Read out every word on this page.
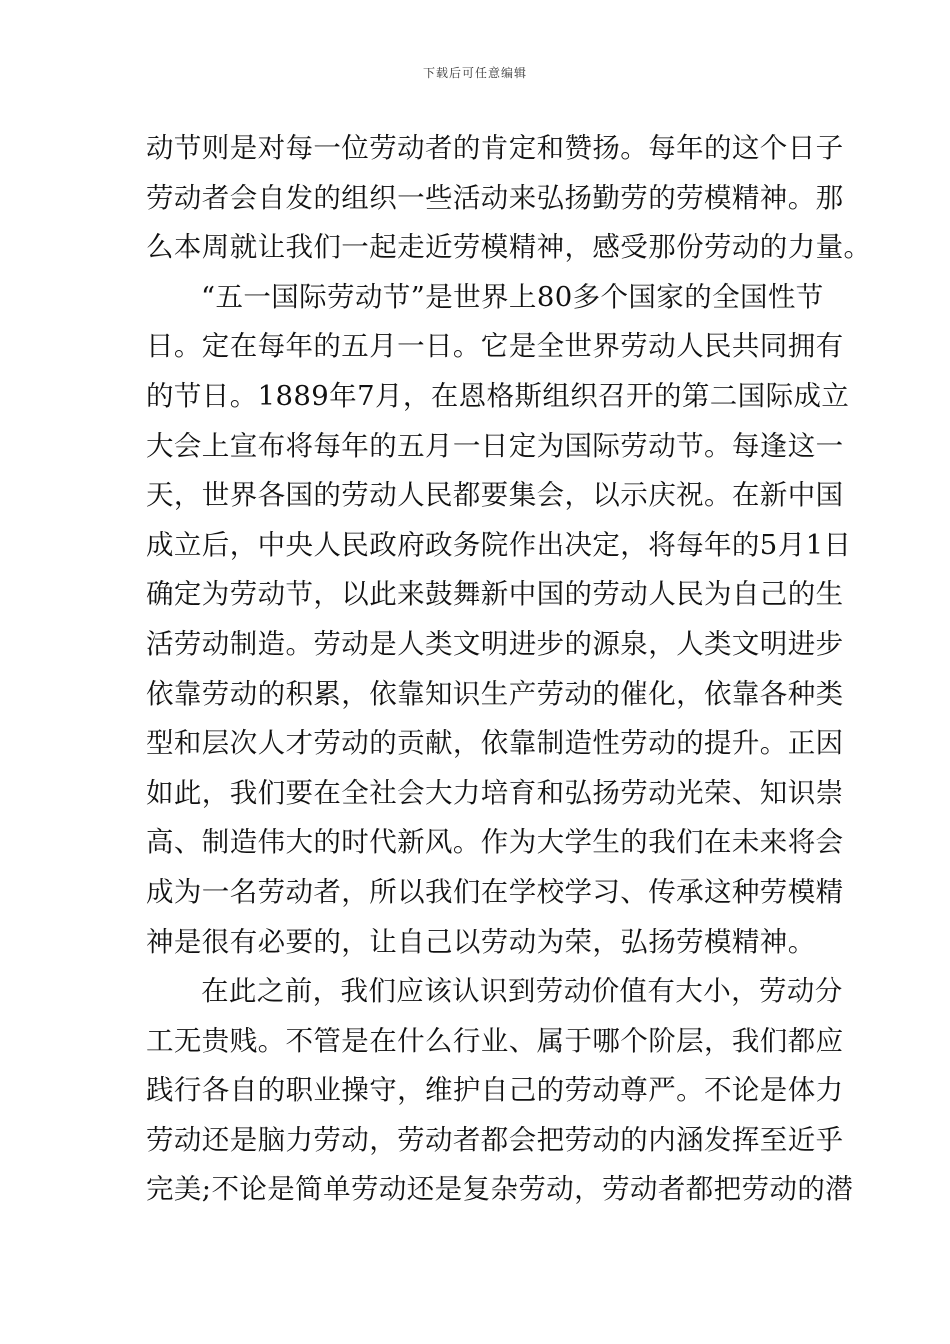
下载后可任意编辑
动节则是对每一位劳动者的肯定和赞扬。每年的这个日子
劳动者会自发的组织一些活动来弘扬勤劳的劳模精神。那
么本周就让我们一起走近劳模精神，感受那份劳动的力量。
“五一国际劳动节”是世界上80多个国家的全国性节
日。定在每年的五月一日。它是全世界劳动人民共同拥有
的节日。1889年7月，在恩格斯组织召开的第二国际成立
大会上宣布将每年的五月一日定为国际劳动节。每逢这一
天，世界各国的劳动人民都要集会，以示庆祝。在新中国
成立后，中央人民政府政务院作出决定，将每年的5月1日
确定为劳动节，以此来鼓舞新中国的劳动人民为自己的生
活劳动制造。劳动是人类文明进步的源泉，人类文明进步
依靠劳动的积累，依靠知识生产劳动的催化，依靠各种类
型和层次人才劳动的贡献，依靠制造性劳动的提升。正因
如此，我们要在全社会大力培育和弘扬劳动光荣、知识崇
高、制造伟大的时代新风。作为大学生的我们在未来将会
成为一名劳动者，所以我们在学校学习、传承这种劳模精
神是很有必要的，让自己以劳动为荣，弘扬劳模精神。
在此之前，我们应该认识到劳动价值有大小，劳动分
工无贵贱。不管是在什么行业、属于哪个阶层，我们都应
践行各自的职业操守，维护自己的劳动尊严。不论是体力
劳动还是脑力劳动，劳动者都会把劳动的内涵发挥至近乎
完美;不论是简单劳动还是复杂劳动，劳动者都把劳动的潜
